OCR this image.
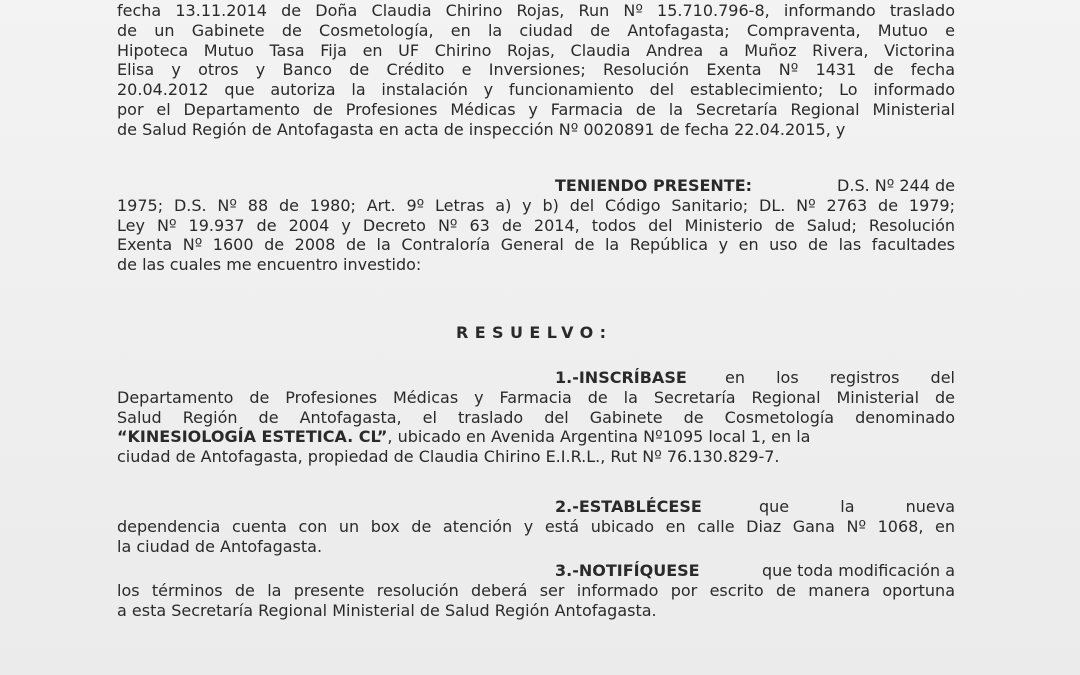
fecha 13.11.2014 de Doña Claudia Chirino Rojas, Run Nº 15.710.796-8, informando traslado
de un Gabinete de Cosmetología, en la ciudad de Antofagasta; Compraventa, Mutuo e
Hipoteca Mutuo Tasa Fija en UF Chirino Rojas, Claudia Andrea a Muñoz Rivera, Victorina
Elisa y otros y Banco de Crédito e Inversiones; Resolución Exenta Nº 1431 de fecha
20.04.2012 que autoriza la instalación y funcionamiento del establecimiento; Lo informado
por el Departamento de Profesiones Médicas y Farmacia de la Secretaría Regional Ministerial
de Salud Región de Antofagasta en acta de inspección Nº 0020891 de fecha 22.04.2015, y
TENIENDO PRESENTE:	D.S. Nº 244 de
1975; D.S. Nº 88 de 1980; Art. 9º Letras a) y b) del Código Sanitario; DL. Nº 2763 de 1979;
Ley Nº 19.937 de 2004 y Decreto Nº 63 de 2014, todos del Ministerio de Salud; Resolución
Exenta Nº 1600 de 2008 de la Contraloría General de la República y en uso de las facultades
de las cuales me encuentro investido:
RESUELVO:
1.-INSCRÍBASE en los registros del
Departamento de Profesiones Médicas y Farmacia de la Secretaría Regional Ministerial de
Salud Región de Antofagasta, el traslado del Gabinete de Cosmetología denominado
“KINESIOLOGÍA ESTETICA. CL”, ubicado en Avenida Argentina Nº1095 local 1, en la
ciudad de Antofagasta, propiedad de Claudia Chirino E.I.R.L., Rut Nº 76.130.829-7.
2.-ESTABLÉCESE	que la nueva
dependencia cuenta con un box de atención y está ubicado en calle Diaz Gana Nº 1068, en
la ciudad de Antofagasta.
3.-NOTIFÍQUESE	que toda modificación a
los términos de la presente resolución deberá ser informado por escrito de manera oportuna
a esta Secretaría Regional Ministerial de Salud Región Antofagasta.
